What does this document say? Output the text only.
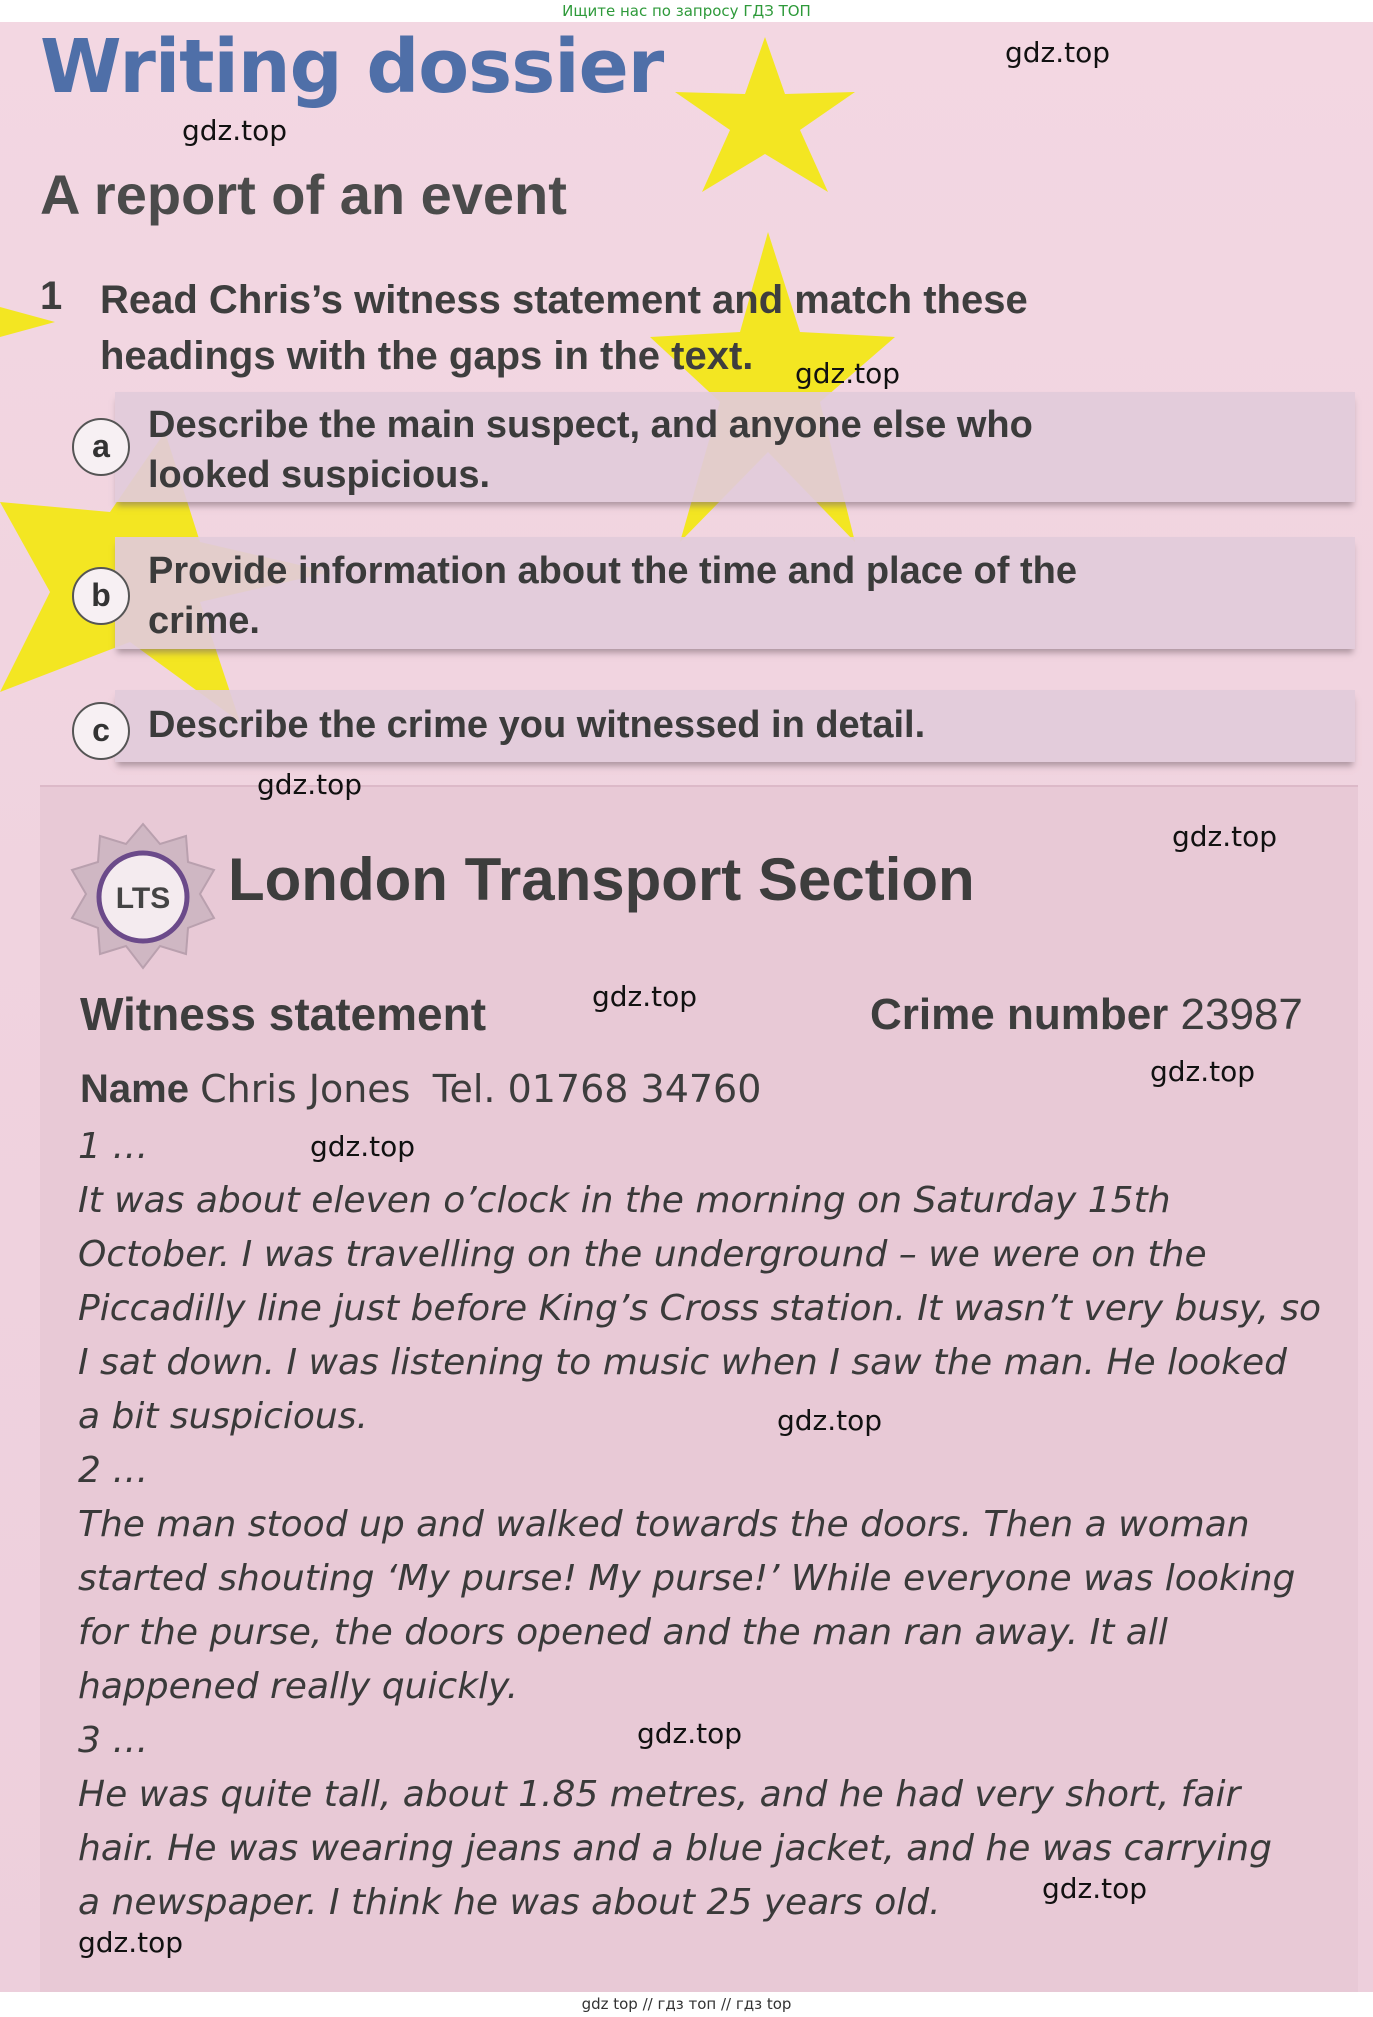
Ищите нас по запросу ГДЗ ТОП
Writing dossier
A report of an event
1 Read Chris’s witness statement and match these headings with the gaps in the text.
a	Describe the main suspect, and anyone else who
looked suspicious.
b
Provide information about the time and place of the
crime.
c	Describe the crime you witnessed in detail.
LTS London Transport Section
Witness statement	Crime number 23987
Name Chris Jones Tel. 01768 34760
1 …
It was about eleven o’clock in the morning on Saturday 15th
October. I was travelling on the underground – we were on the
Piccadilly line just before King’s Cross station. It wasn’t very busy, so
I sat down. I was listening to music when I saw the man. He looked
a bit suspicious.
2 …
The man stood up and walked towards the doors. Then a woman
started shouting ‘My purse! My purse!’ While everyone was looking
for the purse, the doors opened and the man ran away. It all
happened really quickly.
3 …
He was quite tall, about 1.85 metres, and he had very short, fair
hair. He was wearing jeans and a blue jacket, and he was carrying
a newspaper. I think he was about 25 years old.
gdz.top
gdz.top
gdz.top
gdz.top
gdz.top
gdz.top
gdz.top
gdz.top
gdz.top
gdz.top
gdz.top
gdz.top
gdz top // гдз топ // гдз top
